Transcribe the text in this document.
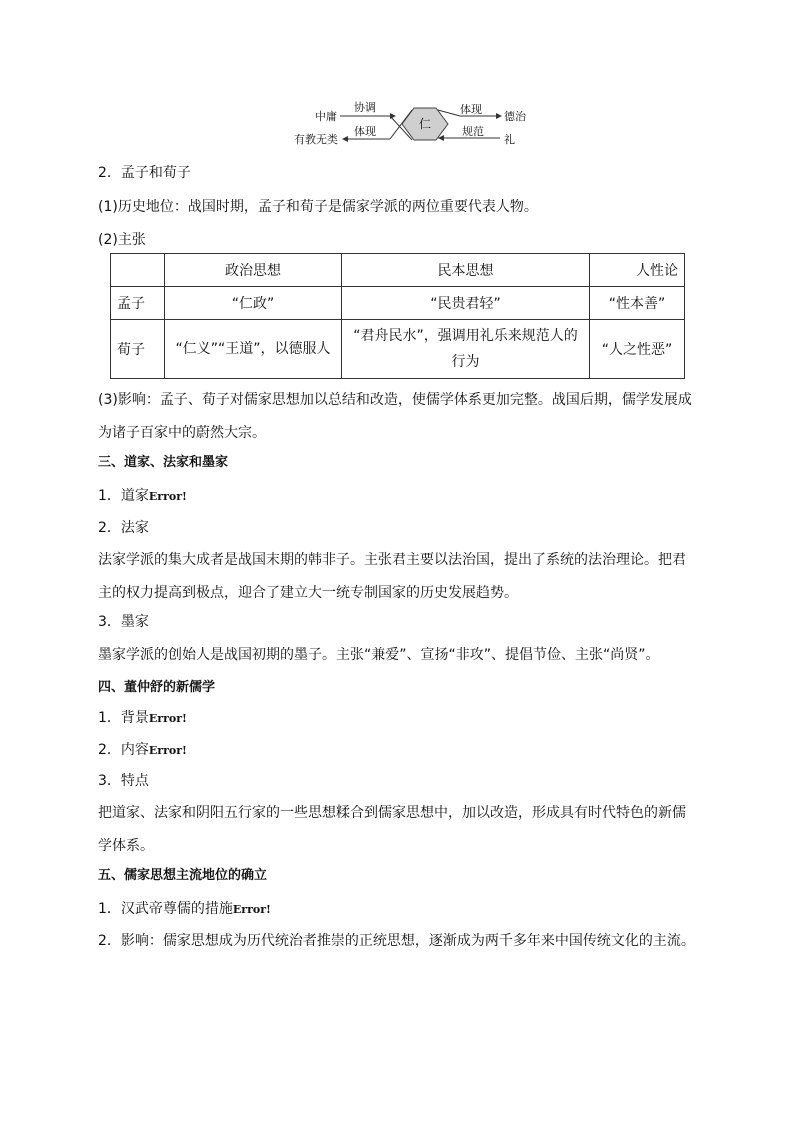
中庸
有教无类
协调
体现
仁
体现
规范
德治
礼
2．孟子和荀子
(1)历史地位：战国时期，孟子和荀子是儒家学派的两位重要代表人物。
(2)主张
	政治思想	民本思想	人性论
孟子	“仁政”	“民贵君轻”	“性本善”
荀子	“仁义”“王道”，以德服人	“君舟民水”，强调用礼乐来规范人的行为	“人之性恶”
(3)影响：孟子、荀子对儒家思想加以总结和改造，使儒学体系更加完整。战国后期，儒学发展成为诸子百家中的蔚然大宗。
三、道家、法家和墨家
1．道家Error!
2．法家
法家学派的集大成者是战国末期的韩非子。主张君主要以法治国，提出了系统的法治理论。把君主的权力提高到极点，迎合了建立大一统专制国家的历史发展趋势。
3．墨家
墨家学派的创始人是战国初期的墨子。主张“兼爱”、宣扬“非攻”、提倡节俭、主张“尚贤”。
四、董仲舒的新儒学
1．背景Error!
2．内容Error!
3．特点
把道家、法家和阴阳五行家的一些思想糅合到儒家思想中，加以改造，形成具有时代特色的新儒学体系。
五、儒家思想主流地位的确立
1．汉武帝尊儒的措施Error!
2．影响：儒家思想成为历代统治者推崇的正统思想，逐渐成为两千多年来中国传统文化的主流。
